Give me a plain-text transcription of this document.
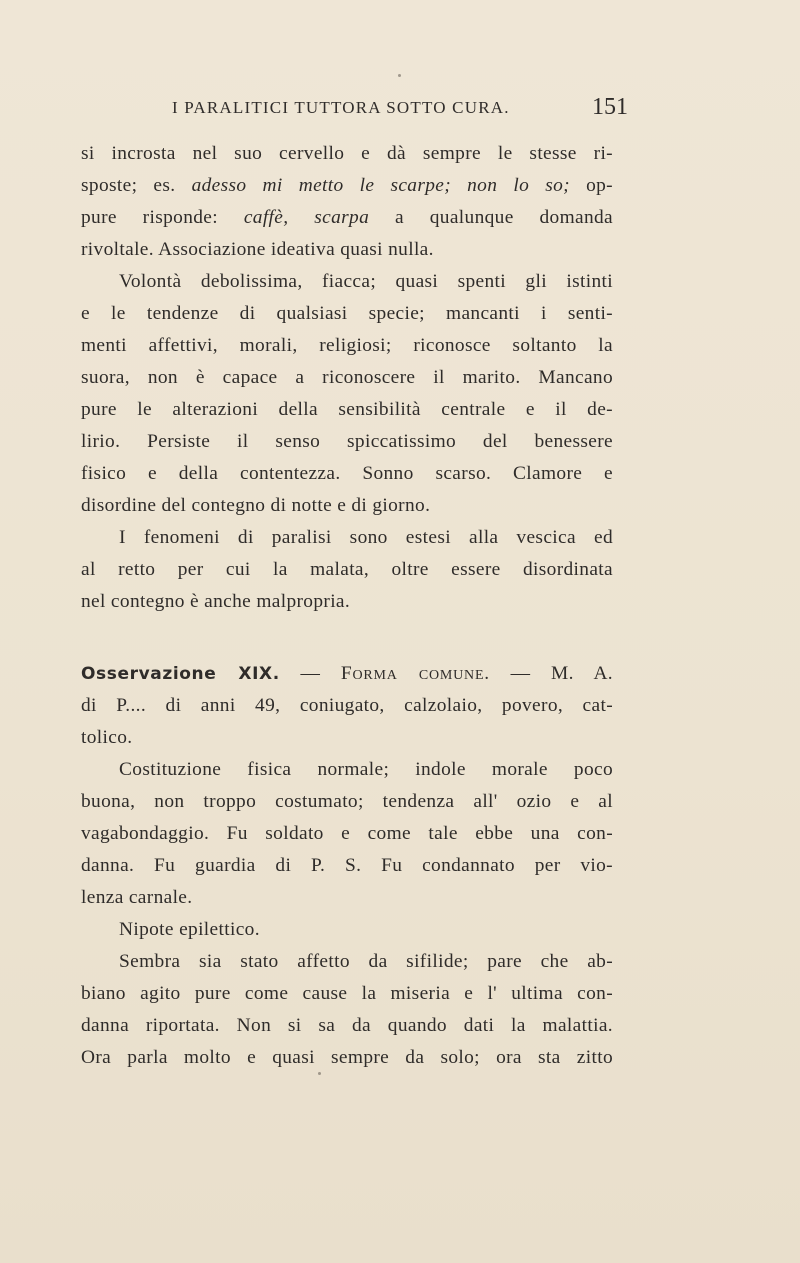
I PARALITICI TUTTORA SOTTO CURA.	151
si incrosta nel suo cervello e dà sempre le stesse ri-
sposte; es. adesso mi metto le scarpe; non lo so; op-
pure risponde: caffè, scarpa a qualunque domanda
rivoltale. Associazione ideativa quasi nulla.
Volontà debolissima, fiacca; quasi spenti gli istinti
e le tendenze di qualsiasi specie; mancanti i senti-
menti affettivi, morali, religiosi; riconosce soltanto la
suora, non è capace a riconoscere il marito. Mancano
pure le alterazioni della sensibilità centrale e il de-
lirio. Persiste il senso spiccatissimo del benessere
fisico e della contentezza. Sonno scarso. Clamore e
disordine del contegno di notte e di giorno.
I fenomeni di paralisi sono estesi alla vescica ed
al retto per cui la malata, oltre essere disordinata
nel contegno è anche malpropria.
Osservazione XIX. — Forma comune. — M. A.
di P.... di anni 49, coniugato, calzolaio, povero, cat-
tolico.
Costituzione fisica normale; indole morale poco
buona, non troppo costumato; tendenza all' ozio e al
vagabondaggio. Fu soldato e come tale ebbe una con-
danna. Fu guardia di P. S. Fu condannato per vio-
lenza carnale.
Nipote epilettico.
Sembra sia stato affetto da sifilide; pare che ab-
biano agito pure come cause la miseria e l' ultima con-
danna riportata. Non si sa da quando dati la malattia.
Ora parla molto e quasi sempre da solo; ora sta zitto
